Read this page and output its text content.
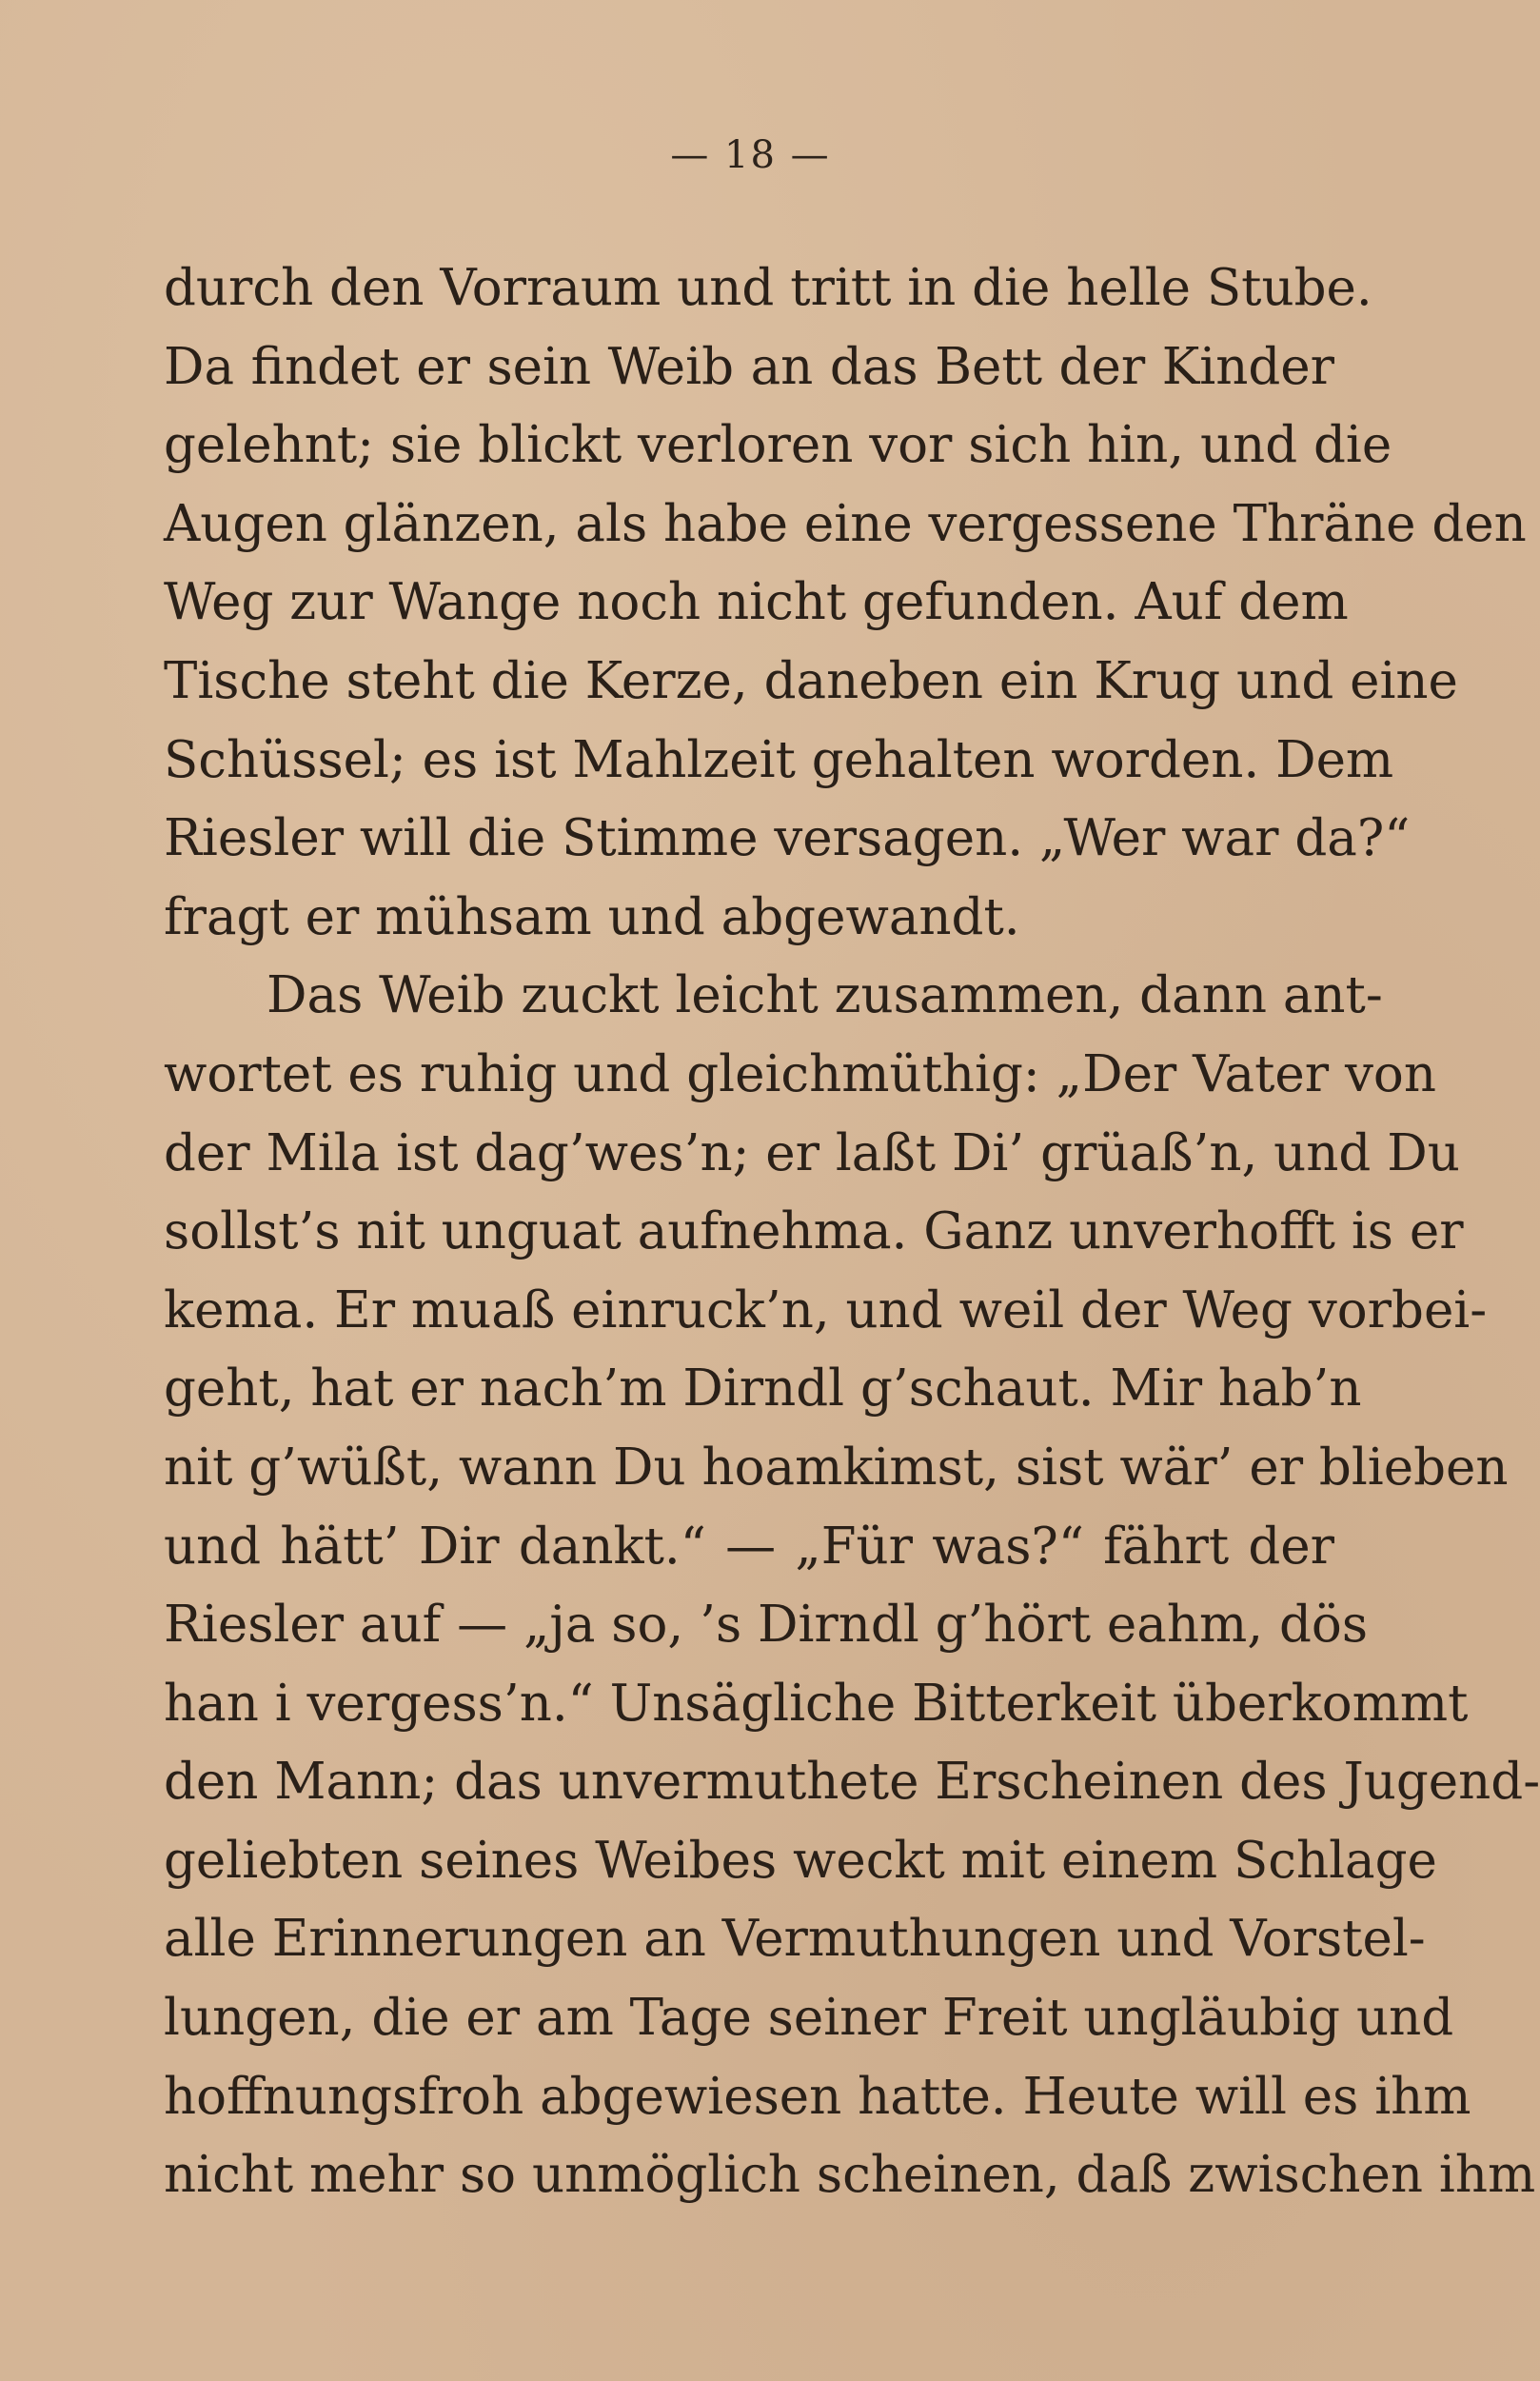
— 18 —
durch den Vorraum und tritt in die helle Stube.
Da findet er sein Weib an das Bett der Kinder
gelehnt; sie blickt verloren vor sich hin, und die
Augen glänzen, als habe eine vergessene Thräne den
Weg zur Wange noch nicht gefunden. Auf dem
Tische steht die Kerze, daneben ein Krug und eine
Schüssel; es ist Mahlzeit gehalten worden. Dem
Riesler will die Stimme versagen. „Wer war da?“
fragt er mühsam und abgewandt.
Das Weib zuckt leicht zusammen, dann ant-
wortet es ruhig und gleichmüthig: „Der Vater von
der Mila ist dag’wes’n; er laßt Di’ grüaß’n, und Du
sollst’s nit unguat aufnehma. Ganz unverhofft is er
kema. Er muaß einruck’n, und weil der Weg vorbei-
geht, hat er nach’m Dirndl g’schaut. Mir hab’n
nit g’wüßt, wann Du hoamkimst, sist wär’ er blieben
und hätt’ Dir dankt.“ — „Für was?“ fährt der
Riesler auf — „ja so, ’s Dirndl g’hört eahm, dös
han i vergess’n.“ Unsägliche Bitterkeit überkommt
den Mann; das unvermuthete Erscheinen des Jugend-
geliebten seines Weibes weckt mit einem Schlage
alle Erinnerungen an Vermuthungen und Vorstel-
lungen, die er am Tage seiner Freit ungläubig und
hoffnungsfroh abgewiesen hatte. Heute will es ihm
nicht mehr so unmöglich scheinen, daß zwischen ihm
